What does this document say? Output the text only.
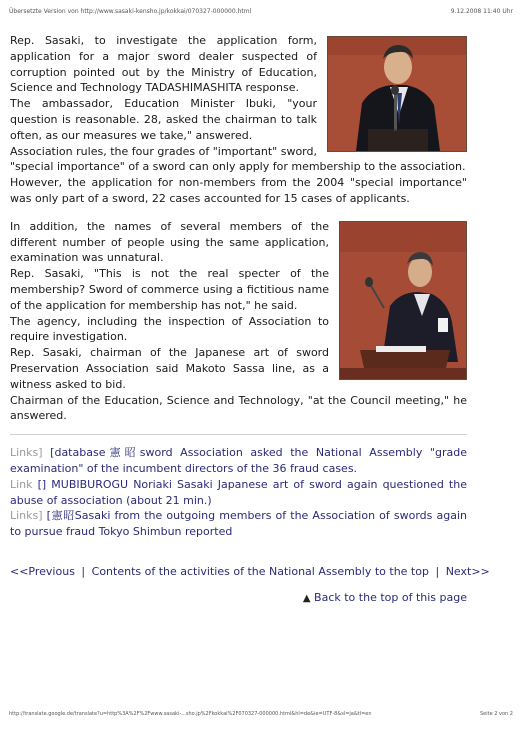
Übersetzte Version von http://www.sasaki-kensho.jp/kokkai/070327-000000.html	9.12.2008 11:40 Uhr

Rep. Sasaki, to investigate the application form, application for a major sword dealer suspected of corruption pointed out by the Ministry of Education, Science and Technology TADASHIMASHITA response.

The ambassador, Education Minister Ibuki, "your question is reasonable. 28, asked the chairman to talk often, as our measures we take," answered.

Association rules, the four grades of "important" sword, "special importance" of a sword can only apply for membership to the association.

However, the application for non-members from the 2004 "special importance" was only part of a sword, 22 cases accounted for 15 cases of applicants.

In addition, the names of several members of the different number of people using the same application, examination was unnatural.

Rep. Sasaki, "This is not the real specter of the membership? Sword of commerce using a fictitious name of the application for membership has not," he said.

The agency, including the inspection of Association to require investigation.

Rep. Sasaki, chairman of the Japanese art of sword Preservation Association said Makoto Sassa line, as a witness asked to bid.

Chairman of the Education, Science and Technology, "at the Council meeting," he answered.

Links] [database憲昭sword Association asked the National Assembly "grade examination" of the incumbent directors of the 36 fraud cases.

Link [] MUBIBUROGU Noriaki Sasaki Japanese art of sword again questioned the abuse of association (about 21 min.)

Links] [憲昭Sasaki from the outgoing members of the Association of swords again to pursue fraud Tokyo Shimbun reported

<<Previous | Contents of the activities of the National Assembly to the top | Next>>
▲ Back to the top of this page
http://translate.google.de/translate?u=http%3A%2F%2Fwww.sasaki-...sho.jp%2Fkokkai%2F070327-000000.html&hl=de&ie=UTF-8&sl=ja&tl=en	Seite 2 von 2
